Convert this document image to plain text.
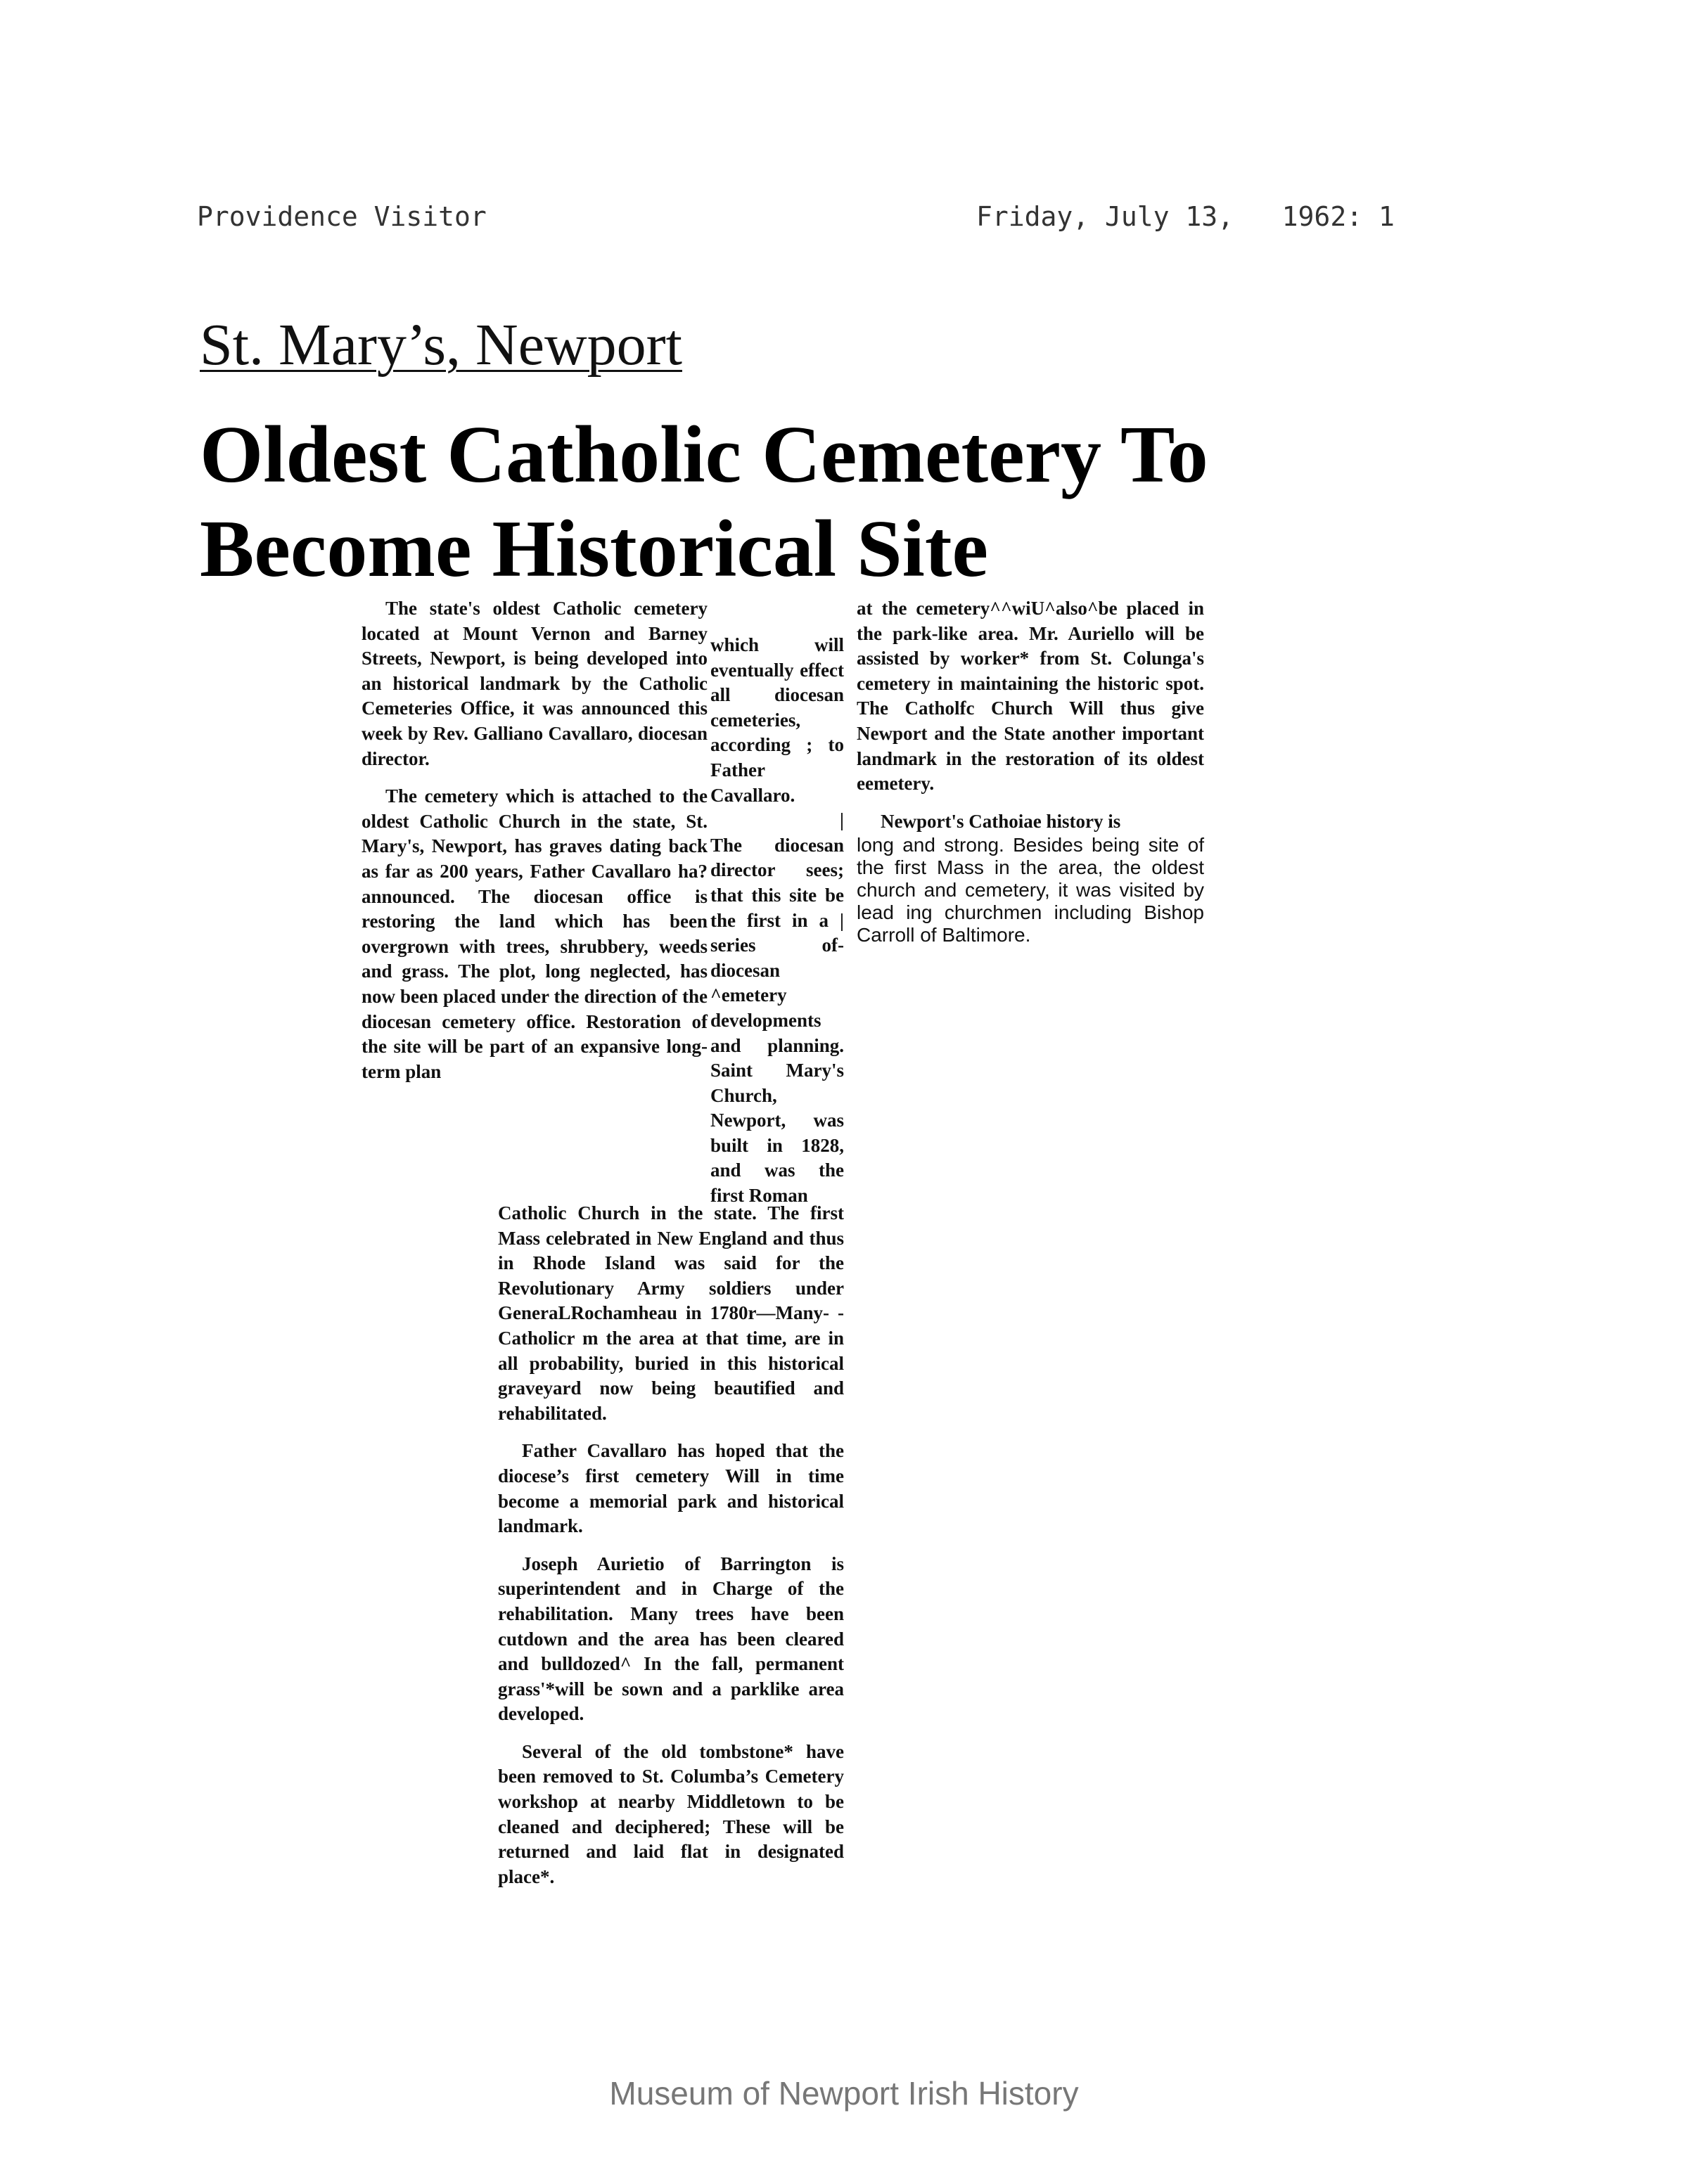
Providence Visitor	Friday, July 13,   1962: 1
St. Mary’s, Newport
Oldest Catholic Cemetery To Become Historical Site

The state's oldest Catholic cemetery located at Mount Vernon and Barney Streets, Newport, is being developed into an historical landmark by the Catholic Cemeteries Office, it was announced this week by Rev. Galliano Cavallaro, diocesan director.

The cemetery which is attached to the oldest Catholic Church in the state, St. Mary's, Newport, has graves dating back as far as 200 years, Father Cavallaro ha?announced. The diocesan office is restoring the land which has been overgrown with trees, shrubbery, weeds and grass. The plot, long neglected, has now been placed under the direction of the diocesan cemetery office. Restoration of the site will be part of an expansive long-term plan

which will eventually effect all diocesan cemeteries, according ; to Father Cavallaro.

|

The diocesan director sees; that this site be the first in a | series of- diocesan ^emetery developments and planning. Saint Mary's Church, Newport, was built in 1828, and was the first Roman

Catholic Church in the state. The first Mass celebrated in New England and thus in Rhode Island was said for the Revolutionary Army soldiers under GeneraLRochamheau in 1780r—Many- -Catholicr m the area at that time, are in all probability, buried in this historical graveyard now being beautified and rehabilitated.

Father Cavallaro has hoped that the diocese’s first cemetery Will in time become a memorial park and historical landmark.

Joseph Aurietio of Barrington is superintendent and in Charge of the rehabilitation. Many trees have been cutdown and the area has been cleared and bulldozed^ In the fall, permanent grass'*will be sown and a parklike area developed.

Several of the old tombstone* have been removed to St. Columba’s Cemetery workshop at nearby Middletown to be cleaned and deciphered; These will be returned and laid flat in designated place*.

at the cemetery^^wiU^also^be placed in the park-like area. Mr. Auriello will be assisted by worker* from St. Colunga's cemetery in maintaining the historic spot. The Catholfc Church Will thus give Newport and the State another important landmark in the restoration of its oldest eemetery.

Newport's Cathoiae history is

long and strong. Besides being site of the first Mass in the area, the oldest church and cemetery, it was visited by lead ing churchmen including Bishop Carroll of Baltimore.

Museum of Newport Irish History
